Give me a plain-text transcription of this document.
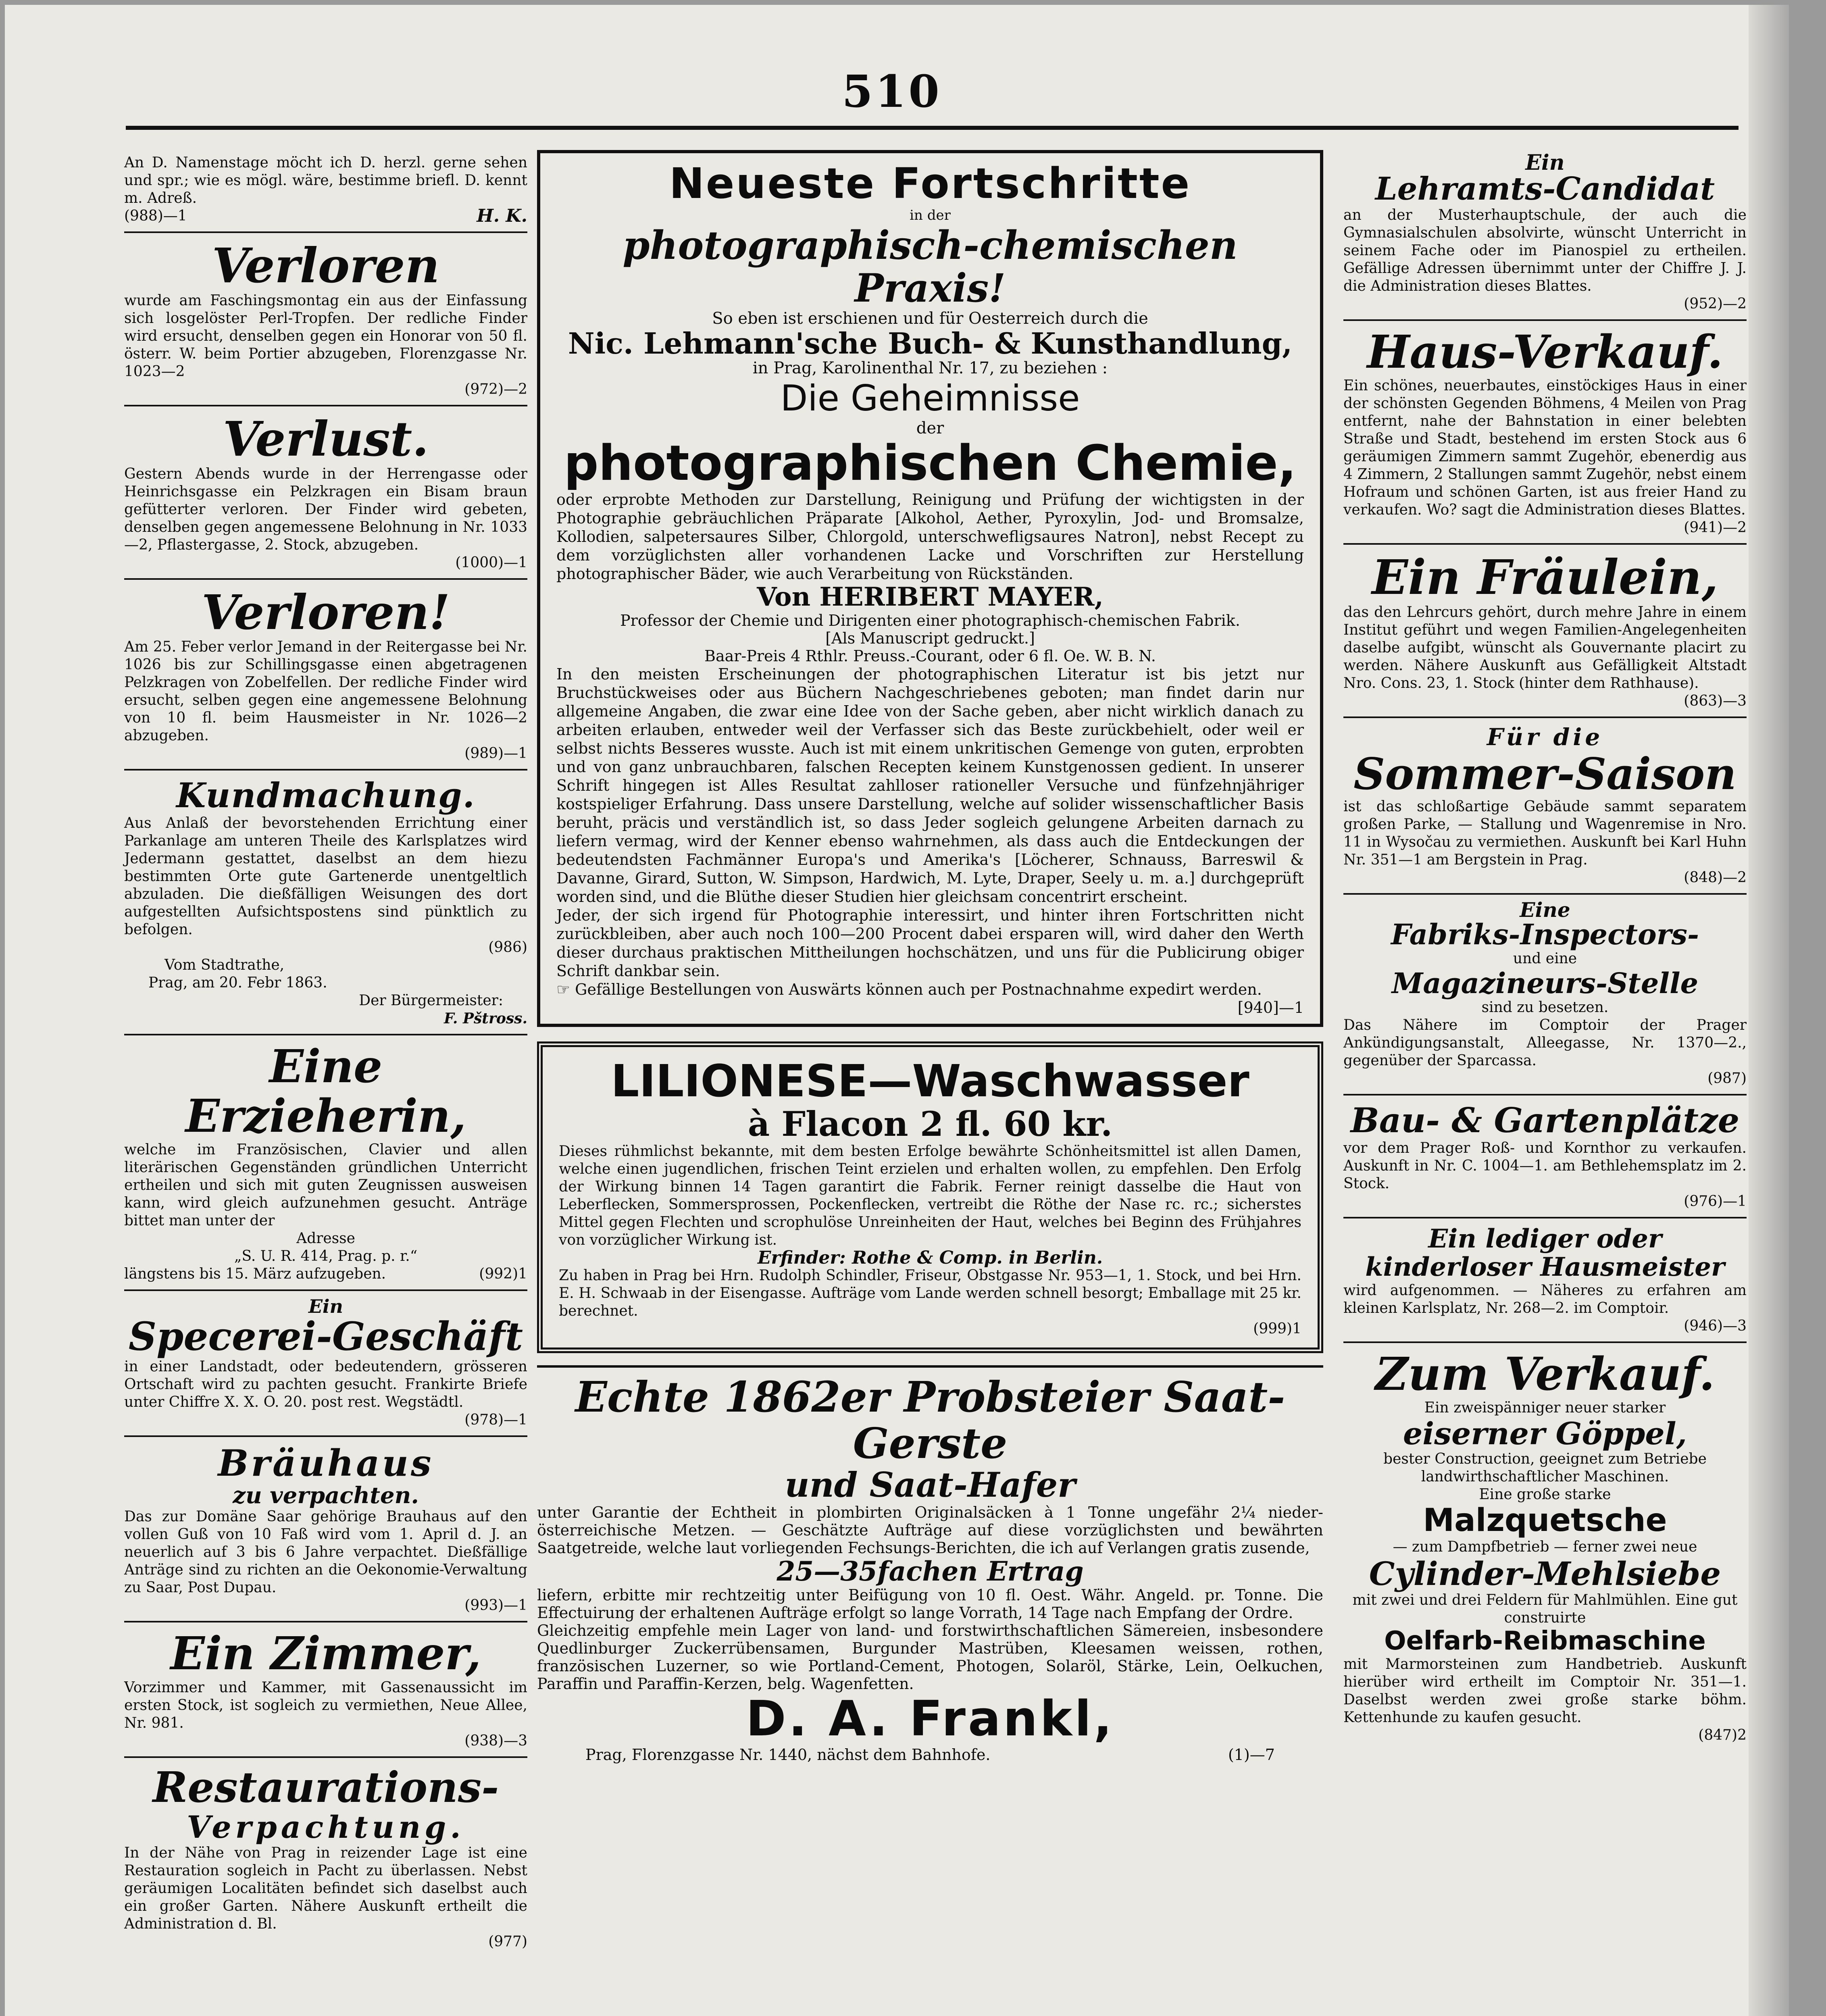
510
An D. Namenstage möcht ich D. herzl. gerne sehen und spr.; wie es mögl. wäre, bestimme briefl. D. kennt m. Adreß.
(988)—1	H. K.
Verloren
wurde am Faschingsmontag ein aus der Einfassung sich losgelöster Perl-Tropfen. Der redliche Finder wird ersucht, denselben gegen ein Honorar von 50 fl. österr. W. beim Portier abzugeben, Florenzgasse Nr. 1023—2
(972)—2
Verlust.
Gestern Abends wurde in der Herrengasse oder Heinrichsgasse ein Pelzkragen ein Bisam braun gefütterter verloren. Der Finder wird gebeten, denselben gegen angemessene Belohnung in Nr. 1033—2, Pflastergasse, 2. Stock, abzugeben.
(1000)—1
Verloren!
Am 25. Feber verlor Jemand in der Reitergasse bei Nr. 1026 bis zur Schillingsgasse einen abgetragenen Pelzkragen von Zobelfellen. Der redliche Finder wird ersucht, selben gegen eine angemessene Belohnung von 10 fl. beim Hausmeister in Nr. 1026—2 abzugeben.
(989)—1
Kundmachung.
Aus Anlaß der bevorstehenden Errichtung einer Parkanlage am unteren Theile des Karlsplatzes wird Jedermann gestattet, daselbst an dem hiezu bestimmten Orte gute Gartenerde unentgeltlich abzuladen. Die dießfälligen Weisungen des dort aufgestellten Aufsichtspostens sind pünktlich zu befolgen.
(986)
Vom Stadtrathe,
Prag, am 20. Febr 1863.
Der Bürgermeister:
F. Pštross.
Eine Erzieherin,
welche im Französischen, Clavier und allen literärischen Gegenständen gründlichen Unterricht ertheilen und sich mit guten Zeugnissen ausweisen kann, wird gleich aufzunehmen gesucht. Anträge bittet man unter der
Adresse
„S. U. R. 414, Prag. p. r.“
längstens bis 15. März aufzugeben.	(992)1
Ein
Specerei-Geschäft
in einer Landstadt, oder bedeutendern, grösseren Ortschaft wird zu pachten gesucht. Frankirte Briefe unter Chiffre X. X. O. 20. post rest. Wegstädtl.
(978)—1
Bräuhaus
zu verpachten.
Das zur Domäne Saar gehörige Brauhaus auf den vollen Guß von 10 Faß wird vom 1. April d. J. an neuerlich auf 3 bis 6 Jahre verpachtet. Dießfällige Anträge sind zu richten an die Oekonomie-Verwaltung zu Saar, Post Dupau.
(993)—1
Ein Zimmer,
Vorzimmer und Kammer, mit Gassenaussicht im ersten Stock, ist sogleich zu vermiethen, Neue Allee, Nr. 981.
(938)—3
Restaurations-
Verpachtung.
In der Nähe von Prag in reizender Lage ist eine Restauration sogleich in Pacht zu überlassen. Nebst geräumigen Localitäten befindet sich daselbst auch ein großer Garten. Nähere Auskunft ertheilt die Administration d. Bl.
(977)
Neueste Fortschritte
in der
photographisch-chemischen Praxis!
So eben ist erschienen und für Oesterreich durch die
Nic. Lehmann'sche Buch- & Kunsthandlung,
in Prag, Karolinenthal Nr. 17, zu beziehen :
Die Geheimnisse
der
photographischen Chemie,
oder erprobte Methoden zur Darstellung, Reinigung und Prüfung der wichtigsten in der Photographie gebräuchlichen Präparate [Alkohol, Aether, Pyroxylin, Jod- und Bromsalze, Kollodien, salpetersaures Silber, Chlorgold, unterschwefligsaures Natron], nebst Recept zu dem vorzüglichsten aller vorhandenen Lacke und Vorschriften zur Herstellung photographischer Bäder, wie auch Verarbeitung von Rückständen.
Von HERIBERT MAYER,
Professor der Chemie und Dirigenten einer photographisch-chemischen Fabrik.
[Als Manuscript gedruckt.]
Baar-Preis 4 Rthlr. Preuss.-Courant, oder 6 fl. Oe. W. B. N.
In den meisten Erscheinungen der photographischen Literatur ist bis jetzt nur Bruchstückweises oder aus Büchern Nachgeschriebenes geboten; man findet darin nur allgemeine Angaben, die zwar eine Idee von der Sache geben, aber nicht wirklich danach zu arbeiten erlauben, entweder weil der Verfasser sich das Beste zurückbehielt, oder weil er selbst nichts Besseres wusste. Auch ist mit einem unkritischen Gemenge von guten, erprobten und von ganz unbrauchbaren, falschen Recepten keinem Kunstgenossen gedient. In unserer Schrift hingegen ist Alles Resultat zahlloser rationeller Versuche und fünfzehnjähriger kostspieliger Erfahrung. Dass unsere Darstellung, welche auf solider wissenschaftlicher Basis beruht, präcis und verständlich ist, so dass Jeder sogleich gelungene Arbeiten darnach zu liefern vermag, wird der Kenner ebenso wahrnehmen, als dass auch die Entdeckungen der bedeutendsten Fachmänner Europa's und Amerika's [Löcherer, Schnauss, Barreswil & Davanne, Girard, Sutton, W. Simpson, Hardwich, M. Lyte, Draper, Seely u. m. a.] durchgeprüft worden sind, und die Blüthe dieser Studien hier gleichsam concentrirt erscheint.
Jeder, der sich irgend für Photographie interessirt, und hinter ihren Fortschritten nicht zurückbleiben, aber auch noch 100—200 Procent dabei ersparen will, wird daher den Werth dieser durchaus praktischen Mittheilungen hochschätzen, und uns für die Publicirung obiger Schrift dankbar sein.
☞ Gefällige Bestellungen von Auswärts können auch per Postnachnahme expedirt werden.
[940]—1
LILIONESE—Waschwasser
à Flacon 2 fl. 60 kr.
Dieses rühmlichst bekannte, mit dem besten Erfolge bewährte Schönheitsmittel ist allen Damen, welche einen jugendlichen, frischen Teint erzielen und erhalten wollen, zu empfehlen. Den Erfolg der Wirkung binnen 14 Tagen garantirt die Fabrik. Ferner reinigt dasselbe die Haut von Leberflecken, Sommersprossen, Pockenflecken, vertreibt die Röthe der Nase rc. rc.; sicherstes Mittel gegen Flechten und scrophulöse Unreinheiten der Haut, welches bei Beginn des Frühjahres von vorzüglicher Wirkung ist.
Erfinder: Rothe & Comp. in Berlin.
Zu haben in Prag bei Hrn. Rudolph Schindler, Friseur, Obstgasse Nr. 953—1, 1. Stock, und bei Hrn. E. H. Schwaab in der Eisengasse. Aufträge vom Lande werden schnell besorgt; Emballage mit 25 kr. berechnet.
(999)1
Echte 1862er Probsteier Saat-Gerste
und Saat-Hafer
unter Garantie der Echtheit in plombirten Originalsäcken à 1 Tonne ungefähr 2¼ nieder-österreichische Metzen. — Geschätzte Aufträge auf diese vorzüglichsten und bewährten Saatgetreide, welche laut vorliegenden Fechsungs-Berichten, die ich auf Verlangen gratis zusende,
25—35fachen Ertrag
liefern, erbitte mir rechtzeitig unter Beifügung von 10 fl. Oest. Währ. Angeld. pr. Tonne. Die Effectuirung der erhaltenen Aufträge erfolgt so lange Vorrath, 14 Tage nach Empfang der Ordre.
Gleichzeitig empfehle mein Lager von land- und forstwirthschaftlichen Sämereien, insbesondere Quedlinburger Zuckerrübensamen, Burgunder Mastrüben, Kleesamen weissen, rothen, französischen Luzerner, so wie Portland-Cement, Photogen, Solaröl, Stärke, Lein, Oelkuchen, Paraffin und Paraffin-Kerzen, belg. Wagenfetten.
D. A. Frankl,
Prag, Florenzgasse Nr. 1440, nächst dem Bahnhofe.	(1)—7
Ein
Lehramts-Candidat
an der Musterhauptschule, der auch die Gymnasialschulen absolvirte, wünscht Unterricht in seinem Fache oder im Pianospiel zu ertheilen. Gefällige Adressen übernimmt unter der Chiffre J. J. die Administration dieses Blattes.
(952)—2
Haus-Verkauf.
Ein schönes, neuerbautes, einstöckiges Haus in einer der schönsten Gegenden Böhmens, 4 Meilen von Prag entfernt, nahe der Bahnstation in einer belebten Straße und Stadt, bestehend im ersten Stock aus 6 geräumigen Zimmern sammt Zugehör, ebenerdig aus 4 Zimmern, 2 Stallungen sammt Zugehör, nebst einem Hofraum und schönen Garten, ist aus freier Hand zu verkaufen. Wo? sagt die Administration dieses Blattes.
(941)—2
Ein Fräulein,
das den Lehrcurs gehört, durch mehre Jahre in einem Institut geführt und wegen Familien-Angelegenheiten daselbe aufgibt, wünscht als Gouvernante placirt zu werden. Nähere Auskunft aus Gefälligkeit Altstadt Nro. Cons. 23, 1. Stock (hinter dem Rathhause).
(863)—3
Für die
Sommer-Saison
ist das schloßartige Gebäude sammt separatem großen Parke, — Stallung und Wagenremise in Nro. 11 in Wysočau zu vermiethen. Auskunft bei Karl Huhn Nr. 351—1 am Bergstein in Prag.
(848)—2
Eine
Fabriks-Inspectors-
und eine
Magazineurs-Stelle
sind zu besetzen.
Das Nähere im Comptoir der Prager Ankündigungsanstalt, Alleegasse, Nr. 1370—2., gegenüber der Sparcassa.
(987)
Bau- & Gartenplätze
vor dem Prager Roß- und Kornthor zu verkaufen. Auskunft in Nr. C. 1004—1. am Bethlehemsplatz im 2. Stock.
(976)—1
Ein lediger oder kinderloser Hausmeister
wird aufgenommen. — Näheres zu erfahren am kleinen Karlsplatz, Nr. 268—2. im Comptoir.
(946)—3
Zum Verkauf.
Ein zweispänniger neuer starker
eiserner Göppel,
bester Construction, geeignet zum Betriebe landwirthschaftlicher Maschinen.
Eine große starke
Malzquetsche
— zum Dampfbetrieb — ferner zwei neue
Cylinder-Mehlsiebe
mit zwei und drei Feldern für Mahlmühlen. Eine gut construirte
Oelfarb-Reibmaschine
mit Marmorsteinen zum Handbetrieb. Auskunft hierüber wird ertheilt im Comptoir Nr. 351—1. Daselbst werden zwei große starke böhm. Kettenhunde zu kaufen gesucht.
(847)2
